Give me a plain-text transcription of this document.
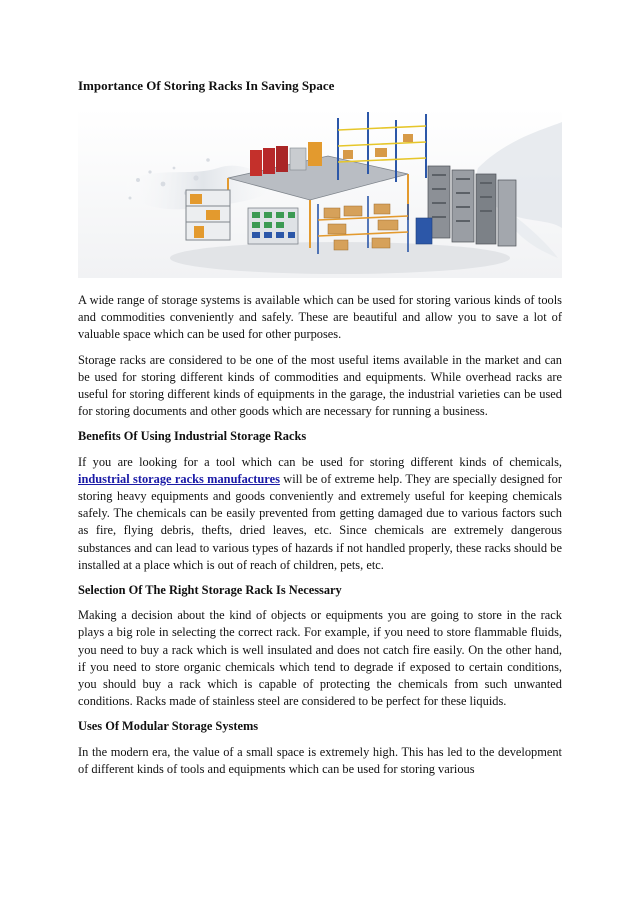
Importance Of Storing Racks In Saving Space

A wide range of storage systems is available which can be used for storing various kinds of tools and commodities conveniently and safely. These are beautiful and allow you to save a lot of valuable space which can be used for other purposes.

Storage racks are considered to be one of the most useful items available in the market and can be used for storing different kinds of commodities and equipments. While overhead racks are useful for storing different kinds of equipments in the garage, the industrial varieties can be used for storing documents and other goods which are necessary for running a business.

Benefits Of Using Industrial Storage Racks

If you are looking for a tool which can be used for storing different kinds of chemicals, industrial storage racks manufactures will be of extreme help. They are specially designed for storing heavy equipments and goods conveniently and extremely useful for keeping chemicals safely. The chemicals can be easily prevented from getting damaged due to various factors such as fire, flying debris, thefts, dried leaves, etc. Since chemicals are extremely dangerous substances and can lead to various types of hazards if not handled properly, these racks should be installed at a place which is out of reach of children, pets, etc.

Selection Of The Right Storage Rack Is Necessary

Making a decision about the kind of objects or equipments you are going to store in the rack plays a big role in selecting the correct rack. For example, if you need to store flammable fluids, you need to buy a rack which is well insulated and does not catch fire easily. On the other hand, if you need to store organic chemicals which tend to degrade if exposed to certain conditions, you should buy a rack which is capable of protecting the chemicals from such unwanted conditions. Racks made of stainless steel are considered to be perfect for these liquids.

Uses Of Modular Storage Systems

In the modern era, the value of a small space is extremely high. This has led to the development of different kinds of tools and equipments which can be used for storing various
